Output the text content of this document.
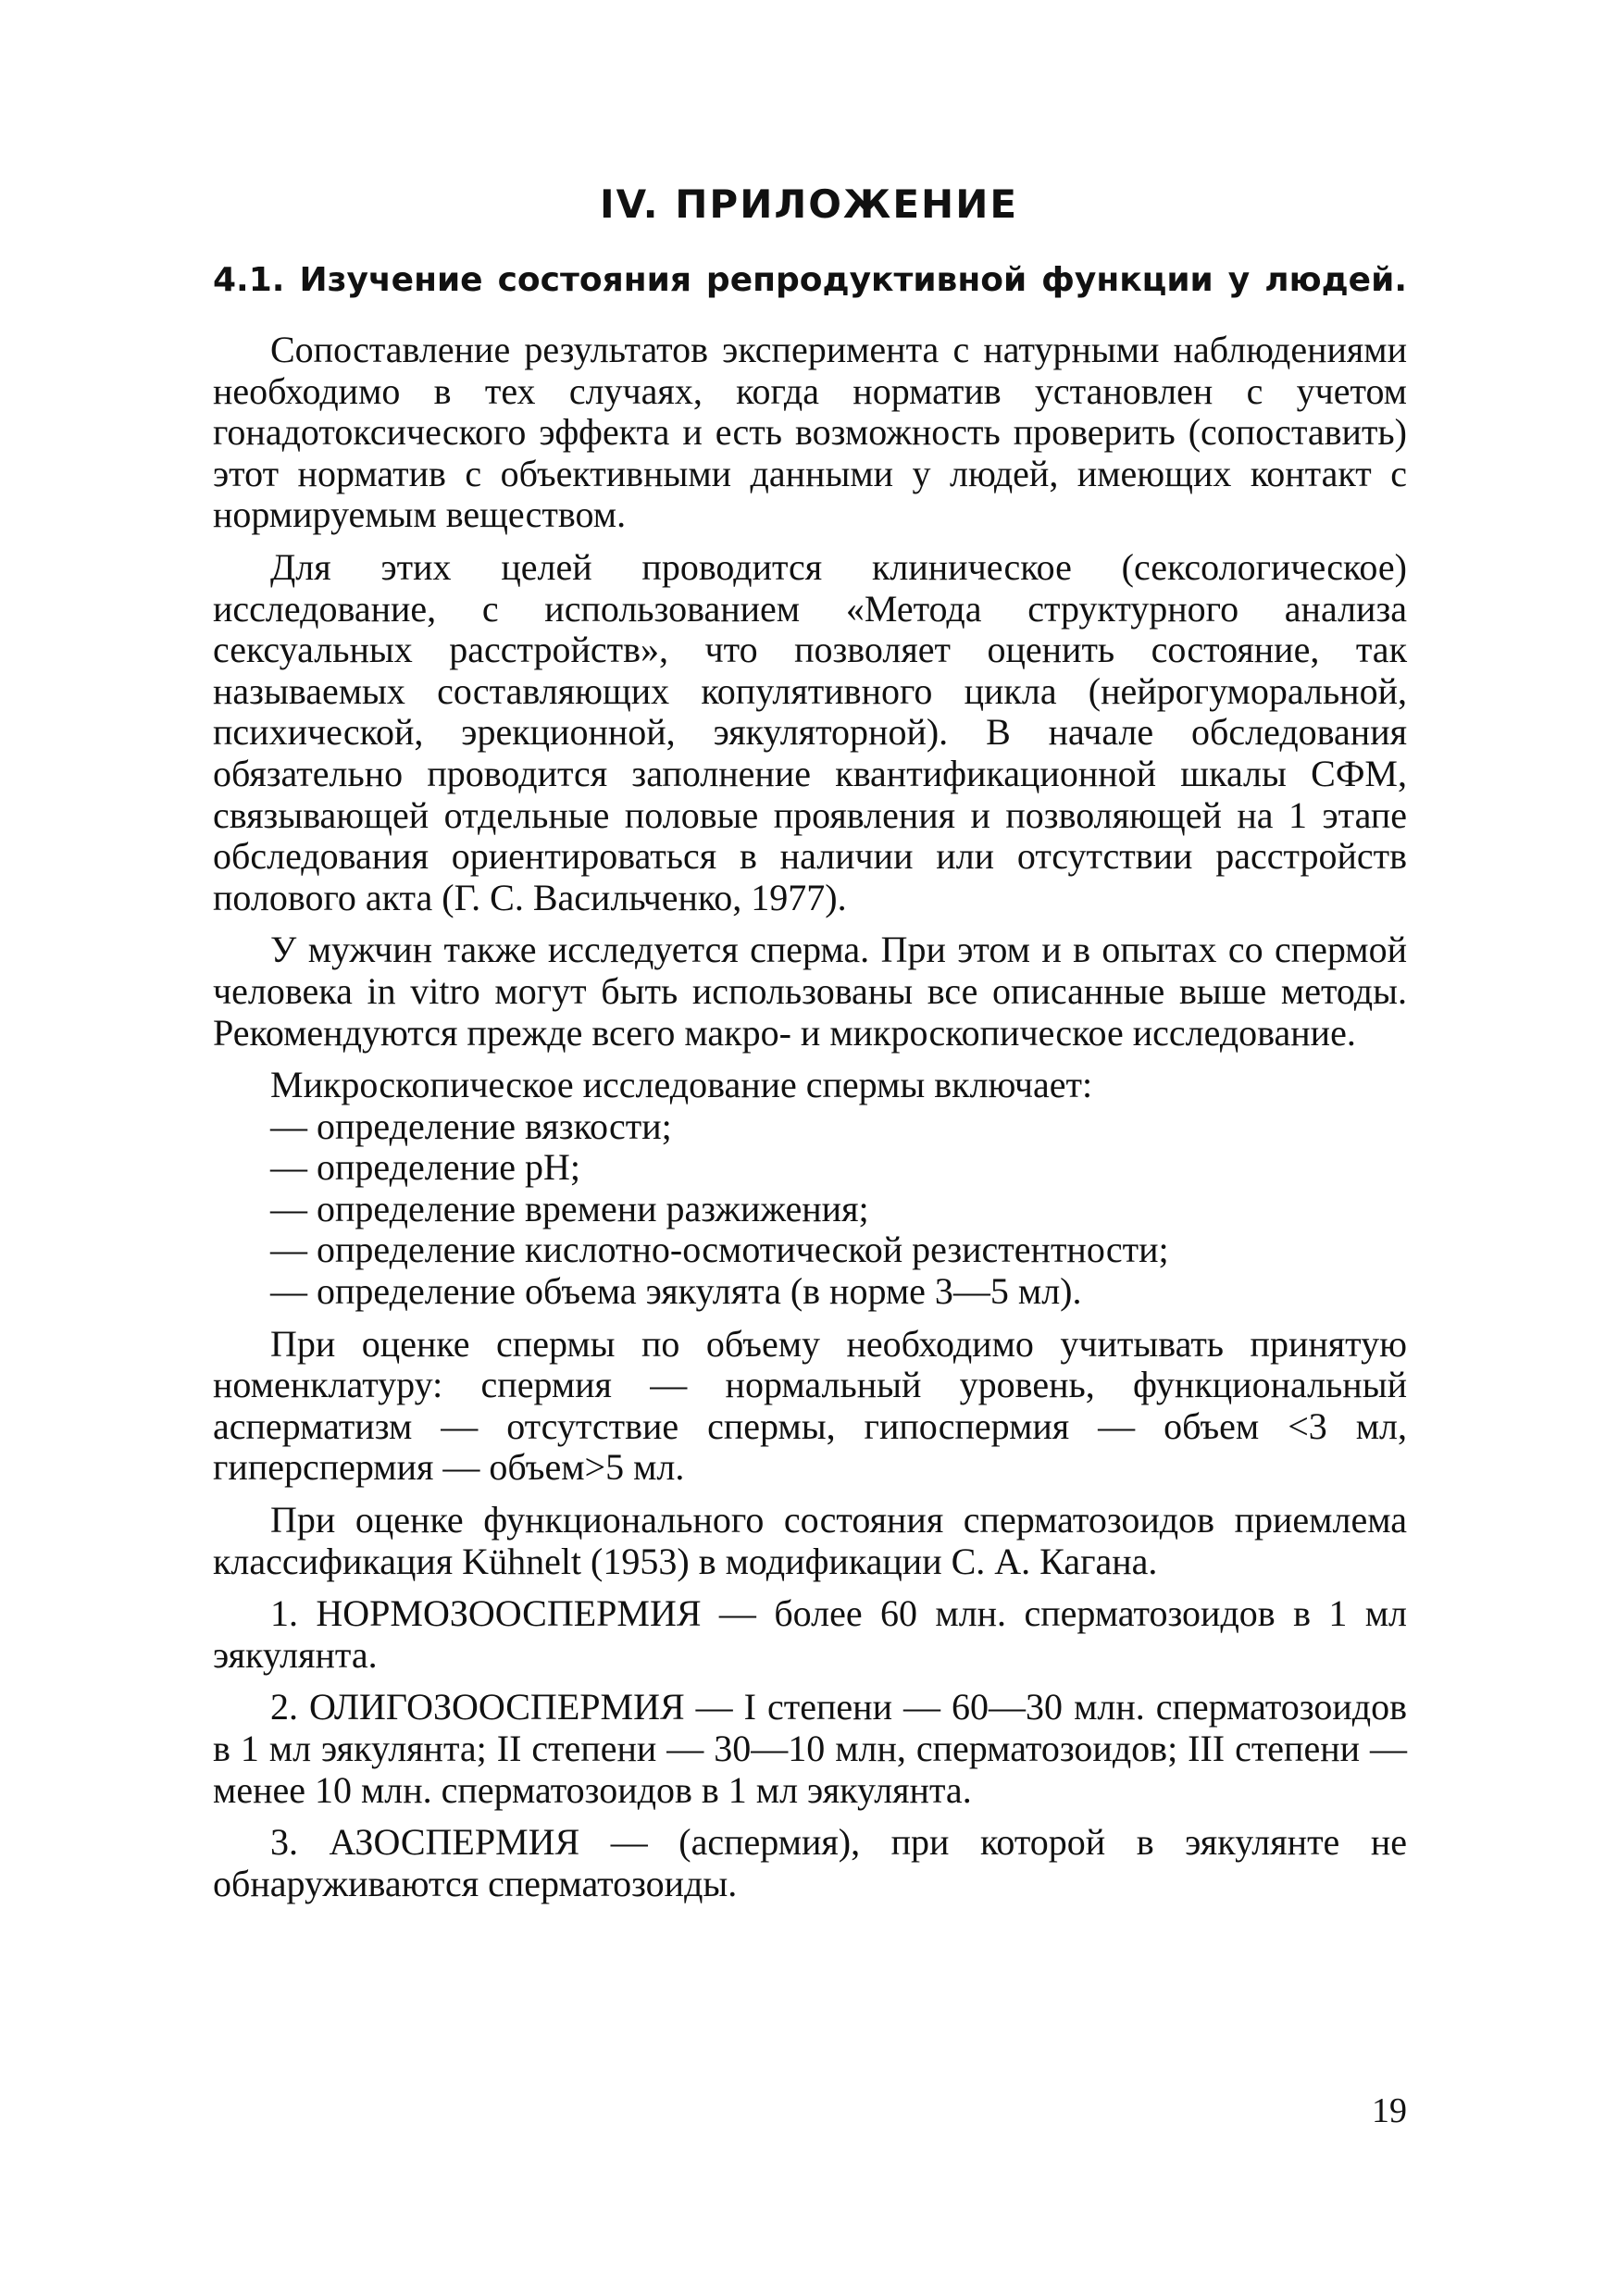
IV. ПРИЛОЖЕНИЕ
4.1. Изучение состояния репродуктивной функции у людей.

Сопоставление результатов эксперимента с натурными наблюдениями необходимо в тех случаях, когда норматив установлен с учетом гонадотоксического эффекта и есть возможность проверить (сопоставить) этот норматив с объективными данными у людей, имеющих контакт с нормируемым веществом.

Для этих целей проводится клиническое (сексологическое) исследование, с использованием «Метода структурного анализа сексуальных расстройств», что позволяет оценить состояние, так называемых составляющих копулятивного цикла (нейрогуморальной, психической, эрекционной, эякуляторной). В начале обследования обязательно проводится заполнение квантификационной шкалы СФМ, связывающей отдельные половые проявления и позволяющей на 1 этапе обследования ориентироваться в наличии или отсутствии расстройств полового акта (Г. С. Васильченко, 1977).

У мужчин также исследуется сперма. При этом и в опытах со спермой человека in vitro могут быть использованы все описанные выше методы. Рекомендуются прежде всего макро- и микроскопическое исследование.

Микроскопическое исследование спермы включает:

— определение вязкости;
— определение pH;
— определение времени разжижения;
— определение кислотно-осмотической резистентности;
— определение объема эякулята (в норме 3—5 мл).

При оценке спермы по объему необходимо учитывать принятую номенклатуру: спермия — нормальный уровень, функциональный асперматизм — отсутствие спермы, гипоспермия — объем <3 мл, гиперспермия — объем>5 мл.

При оценке функционального состояния сперматозоидов приемлема классификация Kühnelt (1953) в модификации С. А. Кагана.

1. НОРМОЗООСПЕРМИЯ — более 60 млн. сперматозоидов в 1 мл эякулянта.

2. ОЛИГОЗООСПЕРМИЯ — I степени — 60—30 млн. сперматозоидов в 1 мл эякулянта; II степени — 30—10 млн, сперматозоидов; III степени — менее 10 млн. сперматозоидов в 1 мл эякулянта.

3. АЗОСПЕРМИЯ — (аспермия), при которой в эякулянте не обнаруживаются сперматозоиды.

19
